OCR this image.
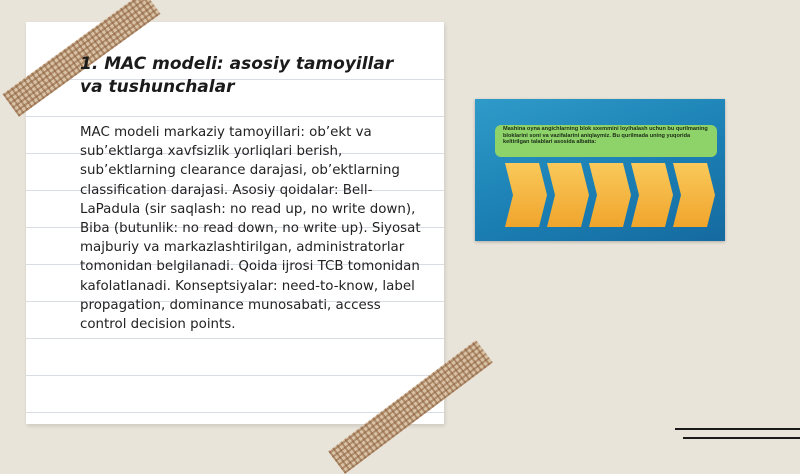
1. MAC modeli: asosiy tamoyillar va tushunchalar

MAC modeli markaziy tamoyillari: ob’ekt va sub’ektlarga xavfsizlik yorliqlari berish, sub’ektlarning clearance darajasi, ob’ektlarning classification darajasi. Asosiy qoidalar: Bell-LaPadula (sir saqlash: no read up, no write down), Biba (butunlik: no read down, no write up). Siyosat majburiy va markazlashtirilgan, administratorlar tomonidan belgilanadi. Qoida ijrosi TCB tomonidan kafolatlanadi. Konseptsiyalar: need-to-know, label propagation, dominance munosabati, access control decision points.

Mashina oyna angichlarning blok sxemmini loyihalash uchun bu qurilmaning bloklarini soni va vazifalarini aniqlaymiz. Bu qurilmada uning yuqorida keltirilgan talablari asosida albatta:
